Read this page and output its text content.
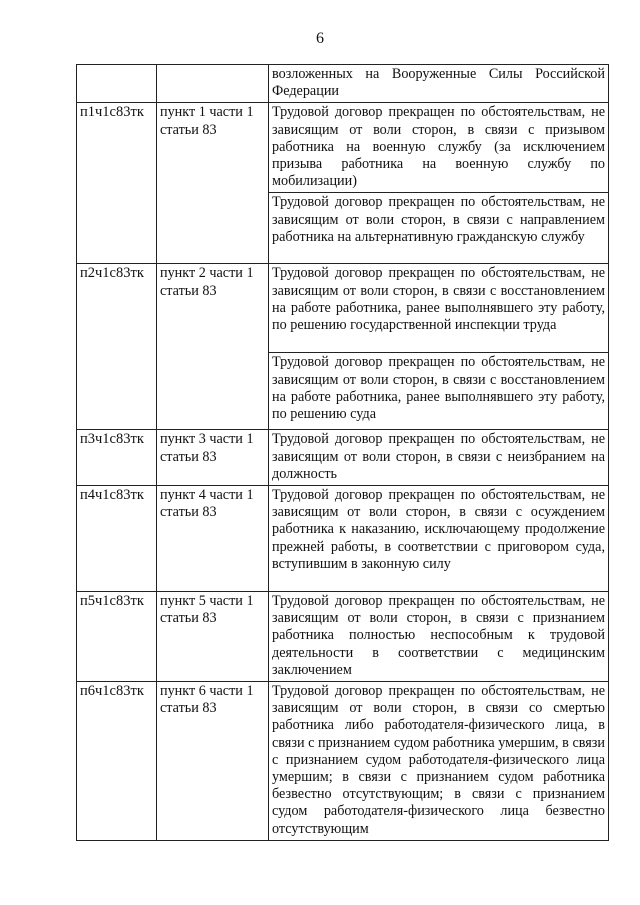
6
		возложенных на Вооруженные Силы Российской Федерации
п1ч1с83тк	пункт 1 части 1 статьи 83	Трудовой договор прекращен по обстоятельствам, не зависящим от воли сторон, в связи с призывом работника на военную службу (за исключением призыва работника на военную службу по мобилизации)
		Трудовой договор прекращен по обстоятельствам, не зависящим от воли сторон, в связи с направлением работника на альтернативную гражданскую службу
п2ч1с83тк	пункт 2 части 1 статьи 83	Трудовой договор прекращен по обстоятельствам, не зависящим от воли сторон, в связи с восстановлением на работе работника, ранее выполнявшего эту работу, по решению государственной инспекции труда
		Трудовой договор прекращен по обстоятельствам, не зависящим от воли сторон, в связи с восстановлением на работе работника, ранее выполнявшего эту работу, по решению суда
п3ч1с83тк	пункт 3 части 1 статьи 83	Трудовой договор прекращен по обстоятельствам, не зависящим от воли сторон, в связи с неизбранием на должность
п4ч1с83тк	пункт 4 части 1 статьи 83	Трудовой договор прекращен по обстоятельствам, не зависящим от воли сторон, в связи с осуждением работника к наказанию, исключающему продолжение прежней работы, в соответствии с приговором суда, вступившим в законную силу
п5ч1с83тк	пункт 5 части 1 статьи 83	Трудовой договор прекращен по обстоятельствам, не зависящим от воли сторон, в связи с признанием работника полностью неспособным к трудовой деятельности в соответствии с медицинским заключением
п6ч1с83тк	пункт 6 части 1 статьи 83	Трудовой договор прекращен по обстоятельствам, не зависящим от воли сторон, в связи со смертью работника либо работодателя-физического лица, в связи с признанием судом работника умершим, в связи с признанием судом работодателя-физического лица умершим; в связи с признанием судом работника безвестно отсутствующим; в связи с признанием судом работодателя-физического лица безвестно отсутствующим
